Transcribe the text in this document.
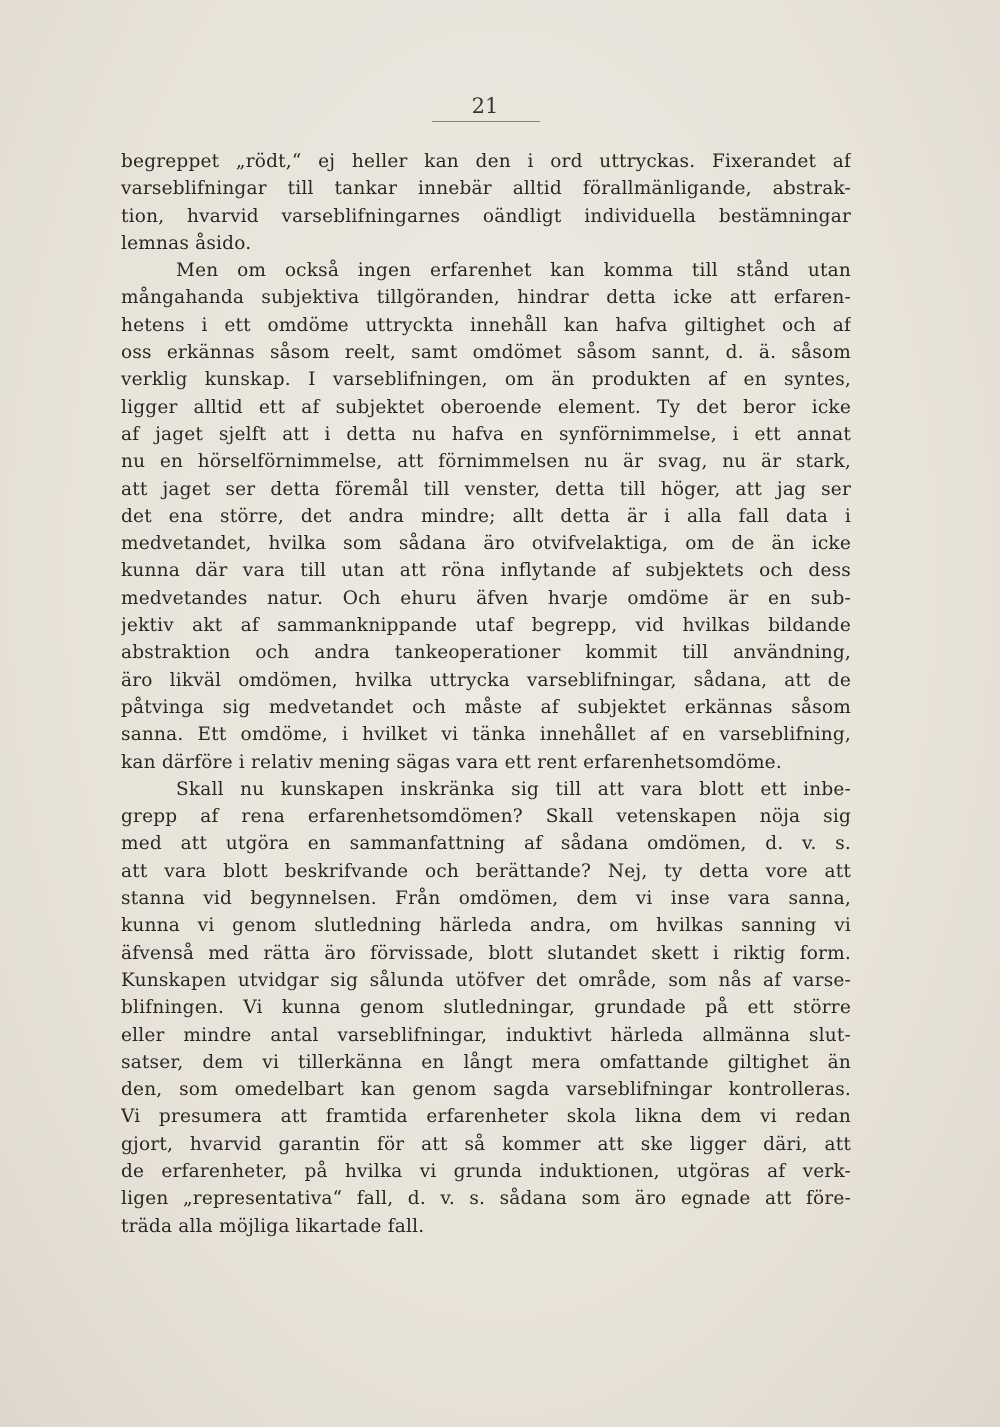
21
begreppet „rödt,“ ej heller kan den i ord uttryckas. Fixerandet af
varseblifningar till tankar innebär alltid förallmänligande, abstrak-
tion, hvarvid varseblifningarnes oändligt individuella bestämningar
lemnas åsido.
Men om också ingen erfarenhet kan komma till stånd utan
mångahanda subjektiva tillgöranden, hindrar detta icke att erfaren-
hetens i ett omdöme uttryckta innehåll kan hafva giltighet och af
oss erkännas såsom reelt, samt omdömet såsom sannt, d. ä. såsom
verklig kunskap. I varseblifningen, om än produkten af en syntes,
ligger alltid ett af subjektet oberoende element. Ty det beror icke
af jaget sjelft att i detta nu hafva en synförnimmelse, i ett annat
nu en hörselförnimmelse, att förnimmelsen nu är svag, nu är stark,
att jaget ser detta föremål till venster, detta till höger, att jag ser
det ena större, det andra mindre; allt detta är i alla fall data i
medvetandet, hvilka som sådana äro otvifvelaktiga, om de än icke
kunna där vara till utan att röna inflytande af subjektets och dess
medvetandes natur. Och ehuru äfven hvarje omdöme är en sub-
jektiv akt af sammanknippande utaf begrepp, vid hvilkas bildande
abstraktion och andra tankeoperationer kommit till användning,
äro likväl omdömen, hvilka uttrycka varseblifningar, sådana, att de
påtvinga sig medvetandet och måste af subjektet erkännas såsom
sanna. Ett omdöme, i hvilket vi tänka innehållet af en varseblifning,
kan därföre i relativ mening sägas vara ett rent erfarenhetsomdöme.
Skall nu kunskapen inskränka sig till att vara blott ett inbe-
grepp af rena erfarenhetsomdömen? Skall vetenskapen nöja sig
med att utgöra en sammanfattning af sådana omdömen, d. v. s.
att vara blott beskrifvande och berättande? Nej, ty detta vore att
stanna vid begynnelsen. Från omdömen, dem vi inse vara sanna,
kunna vi genom slutledning härleda andra, om hvilkas sanning vi
äfvenså med rätta äro förvissade, blott slutandet skett i riktig form.
Kunskapen utvidgar sig sålunda utöfver det område, som nås af varse-
blifningen. Vi kunna genom slutledningar, grundade på ett större
eller mindre antal varseblifningar, induktivt härleda allmänna slut-
satser, dem vi tillerkänna en långt mera omfattande giltighet än
den, som omedelbart kan genom sagda varseblifningar kontrolleras.
Vi presumera att framtida erfarenheter skola likna dem vi redan
gjort, hvarvid garantin för att så kommer att ske ligger däri, att
de erfarenheter, på hvilka vi grunda induktionen, utgöras af verk-
ligen „representativa“ fall, d. v. s. sådana som äro egnade att före-
träda alla möjliga likartade fall.
